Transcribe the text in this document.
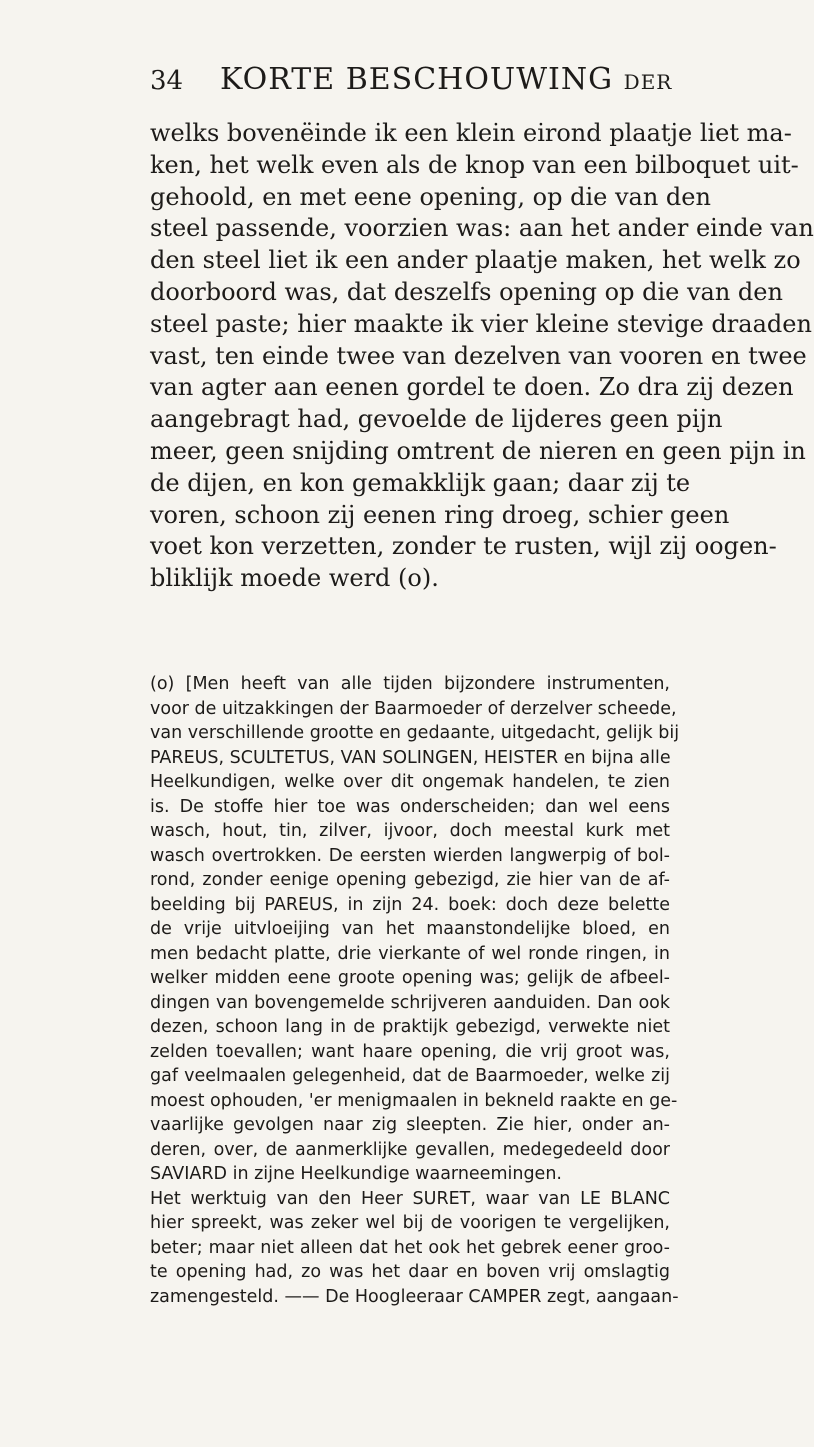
34 KORTE BESCHOUWING DER
welks bovenëinde ik een klein eirond plaatje liet ma-
ken, het welk even als de knop van een bilboquet uit-
gehoold, en met eene opening, op die van den
steel passende, voorzien was: aan het ander einde van
den steel liet ik een ander plaatje maken, het welk zo
doorboord was, dat deszelfs opening op die van den
steel paste; hier maakte ik vier kleine stevige draaden
vast, ten einde twee van dezelven van vooren en twee
van agter aan eenen gordel te doen. Zo dra zij dezen
aangebragt had, gevoelde de lijderes geen pijn
meer, geen snijding omtrent de nieren en geen pijn in
de dijen, en kon gemakklijk gaan; daar zij te
voren, schoon zij eenen ring droeg, schier geen
voet kon verzetten, zonder te rusten, wijl zij oogen-
bliklijk moede werd (o).
(o) [Men heeft van alle tijden bijzondere instrumenten,
voor de uitzakkingen der Baarmoeder of derzelver scheede,
van verschillende grootte en gedaante, uitgedacht, gelijk bij
PAREUS, SCULTETUS, VAN SOLINGEN, HEISTER en bijna alle
Heelkundigen, welke over dit ongemak handelen, te zien
is. De stoffe hier toe was onderscheiden; dan wel eens
wasch, hout, tin, zilver, ijvoor, doch meestal kurk met
wasch overtrokken. De eersten wierden langwerpig of bol-
rond, zonder eenige opening gebezigd, zie hier van de af-
beelding bij PAREUS, in zijn 24. boek: doch deze belette
de vrije uitvloeijing van het maanstondelijke bloed, en
men bedacht platte, drie vierkante of wel ronde ringen, in
welker midden eene groote opening was; gelijk de afbeel-
dingen van bovengemelde schrijveren aanduiden. Dan ook
dezen, schoon lang in de praktijk gebezigd, verwekte niet
zelden toevallen; want haare opening, die vrij groot was,
gaf veelmaalen gelegenheid, dat de Baarmoeder, welke zij
moest ophouden, 'er menigmaalen in bekneld raakte en ge-
vaarlijke gevolgen naar zig sleepten. Zie hier, onder an-
deren, over, de aanmerklijke gevallen, medegedeeld door
SAVIARD in zijne Heelkundige waarneemingen.
Het werktuig van den Heer SURET, waar van LE BLANC
hier spreekt, was zeker wel bij de voorigen te vergelijken,
beter; maar niet alleen dat het ook het gebrek eener groo-
te opening had, zo was het daar en boven vrij omslagtig
zamengesteld. —— De Hoogleeraar CAMPER zegt, aangaan-
